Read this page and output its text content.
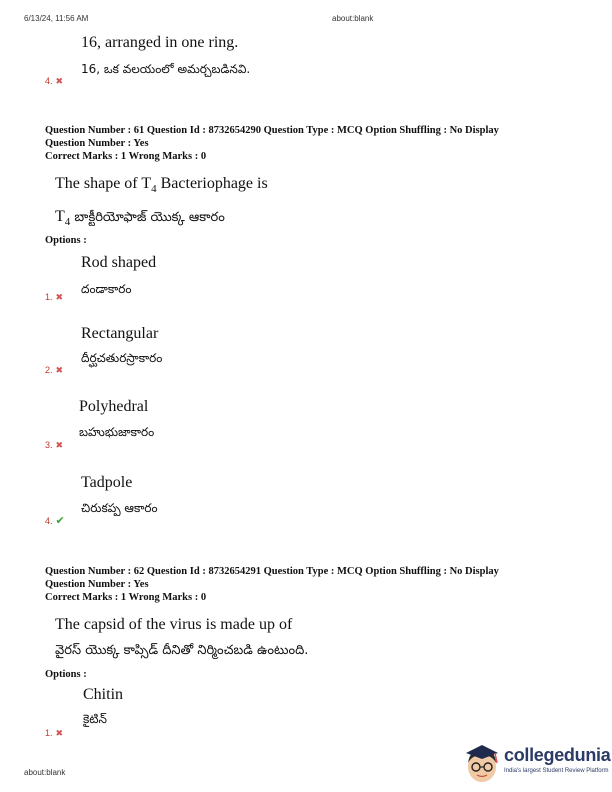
6/13/24, 11:56 AM	about:blank
16, arranged in one ring.
16, ఒక వలయంలో అమర్చబడినవి.
4. ✖
Question Number : 61 Question Id : 8732654290 Question Type : MCQ Option Shuffling : No Display
Question Number : Yes
Correct Marks : 1 Wrong Marks : 0
The shape of $T_4$ Bacteriophage is
$T_4$ బాక్టీరియోఫాజ్ యొక్క ఆకారం
Options :
Rod shaped
దండాకారం
1. ✖
Rectangular
దీర్ఘచతురస్రాకారం
2. ✖
Polyhedral
బహుభుజాకారం
3. ✖
Tadpole
చిరుకప్ప ఆకారం
4. ✔
Question Number : 62 Question Id : 8732654291 Question Type : MCQ Option Shuffling : No Display
Question Number : Yes
Correct Marks : 1 Wrong Marks : 0
The capsid of the virus is made up of
వైరస్ యొక్క కాప్సిడ్ దీనితో నిర్మించబడి ఉంటుంది.
Options :
Chitin
కైటిన్
1. ✖
about:blank
collegedunia
India's largest Student Review Platform
